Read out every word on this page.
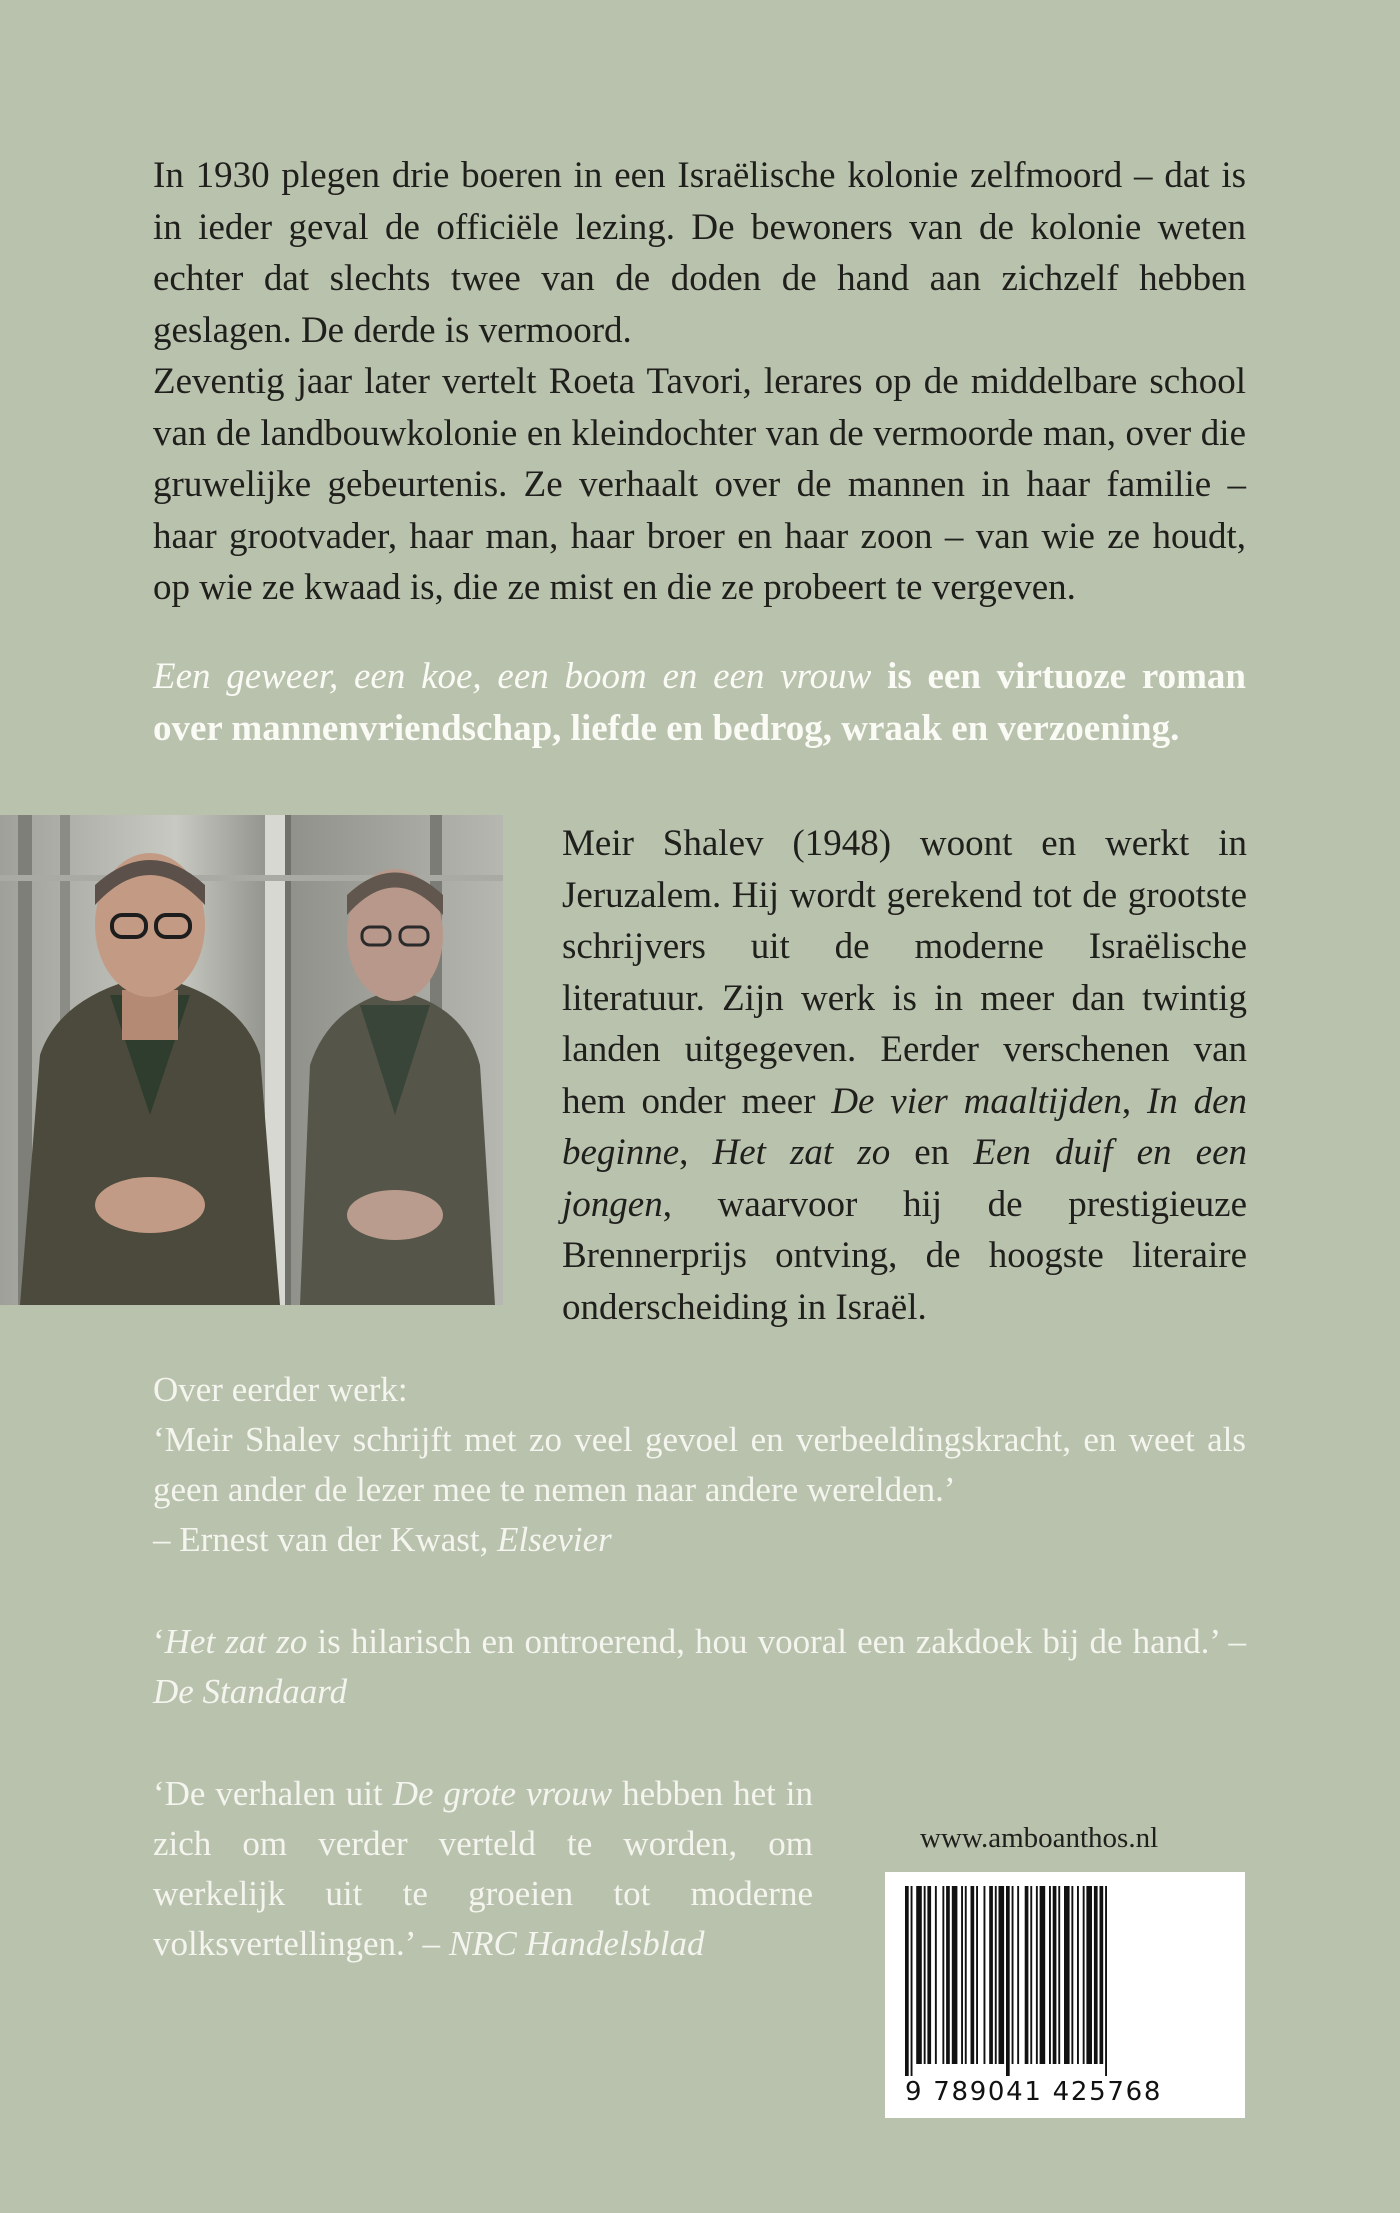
In 1930 plegen drie boeren in een Israëlische kolonie zelfmoord – dat is in ieder geval de officiële lezing. De bewoners van de kolonie weten echter dat slechts twee van de doden de hand aan zichzelf hebben geslagen. De derde is vermoord.

Zeventig jaar later vertelt Roeta Tavori, lerares op de middelbare school van de landbouwkolonie en kleindochter van de vermoorde man, over die gruwelijke gebeurtenis. Ze verhaalt over de mannen in haar familie – haar grootvader, haar man, haar broer en haar zoon – van wie ze houdt, op wie ze kwaad is, die ze mist en die ze probeert te vergeven.

Een geweer, een koe, een boom en een vrouw is een virtuoze roman over mannenvriendschap, liefde en bedrog, wraak en verzoening.
Meir Shalev (1948) woont en werkt in Jeruzalem. Hij wordt gerekend tot de grootste schrijvers uit de moderne Israëlische literatuur. Zijn werk is in meer dan twintig landen uitgegeven. Eerder verschenen van hem onder meer De vier maaltijden, In den beginne, Het zat zo en Een duif en een jongen, waarvoor hij de prestigieuze Brennerprijs ontving, de hoogste literaire onderscheiding in Israël.

Over eerder werk:
‘Meir Shalev schrijft met zo veel gevoel en verbeeldingskracht, en weet als geen ander de lezer mee te nemen naar andere werelden.’
– Ernest van der Kwast, Elsevier

‘Het zat zo is hilarisch en ontroerend, hou vooral een zakdoek bij de hand.’ – De Standaard

‘De verhalen uit De grote vrouw hebben het in zich om verder verteld te worden, om werkelijk uit te groeien tot moderne volksvertellingen.’ – NRC Handelsblad

www.amboanthos.nl
9 789041 425768
